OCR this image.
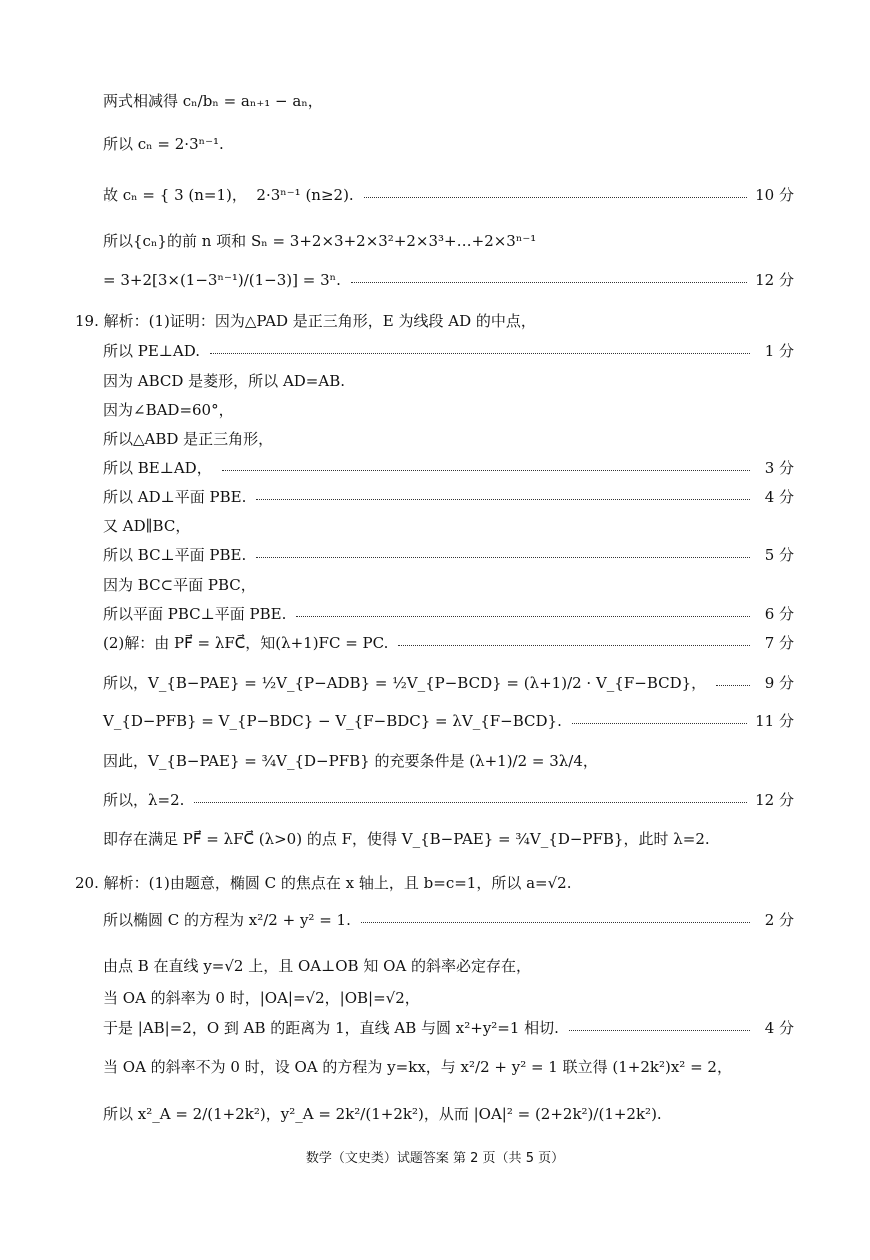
两式相减得 cₙ/bₙ = aₙ₊₁ − aₙ，
所以 cₙ = 2·3ⁿ⁻¹.
故 cₙ = { 3 (n=1)，  2·3ⁿ⁻¹ (n≥2).	10 分
所以{cₙ}的前 n 项和 Sₙ = 3+2×3+2×3²+2×3³+…+2×3ⁿ⁻¹
= 3+2[3×(1−3ⁿ⁻¹)/(1−3)] = 3ⁿ.	12 分
19. 解析：(1)证明：因为△PAD 是正三角形，E 为线段 AD 的中点，
所以 PE⊥AD.	1 分
因为 ABCD 是菱形，所以 AD=AB.
因为∠BAD=60°，
所以△ABD 是正三角形，
所以 BE⊥AD，	3 分
所以 AD⊥平面 PBE.	4 分
又 AD∥BC，
所以 BC⊥平面 PBE.	5 分
因为 BC⊂平面 PBC，
所以平面 PBC⊥平面 PBE.	6 分
(2)解：由 PF⃗ = λFC⃗，知(λ+1)FC = PC.	7 分
所以，V_{B−PAE} = ½V_{P−ADB} = ½V_{P−BCD} = (λ+1)/2 · V_{F−BCD}，	9 分
V_{D−PFB} = V_{P−BDC} − V_{F−BDC} = λV_{F−BCD}.	11 分
因此，V_{B−PAE} = ¾V_{D−PFB} 的充要条件是 (λ+1)/2 = 3λ/4，
所以，λ=2.	12 分
即存在满足 PF⃗ = λFC⃗ (λ>0) 的点 F，使得 V_{B−PAE} = ¾V_{D−PFB}，此时 λ=2.
20. 解析：(1)由题意，椭圆 C 的焦点在 x 轴上，且 b=c=1，所以 a=√2.
所以椭圆 C 的方程为 x²/2 + y² = 1.	2 分
由点 B 在直线 y=√2 上，且 OA⊥OB 知 OA 的斜率必定存在，
当 OA 的斜率为 0 时，|OA|=√2，|OB|=√2，
于是 |AB|=2，O 到 AB 的距离为 1，直线 AB 与圆 x²+y²=1 相切.	4 分
当 OA 的斜率不为 0 时，设 OA 的方程为 y=kx，与 x²/2 + y² = 1 联立得 (1+2k²)x² = 2，
所以 x²_A = 2/(1+2k²)，y²_A = 2k²/(1+2k²)，从而 |OA|² = (2+2k²)/(1+2k²).
数学（文史类）试题答案 第 2 页（共 5 页）
